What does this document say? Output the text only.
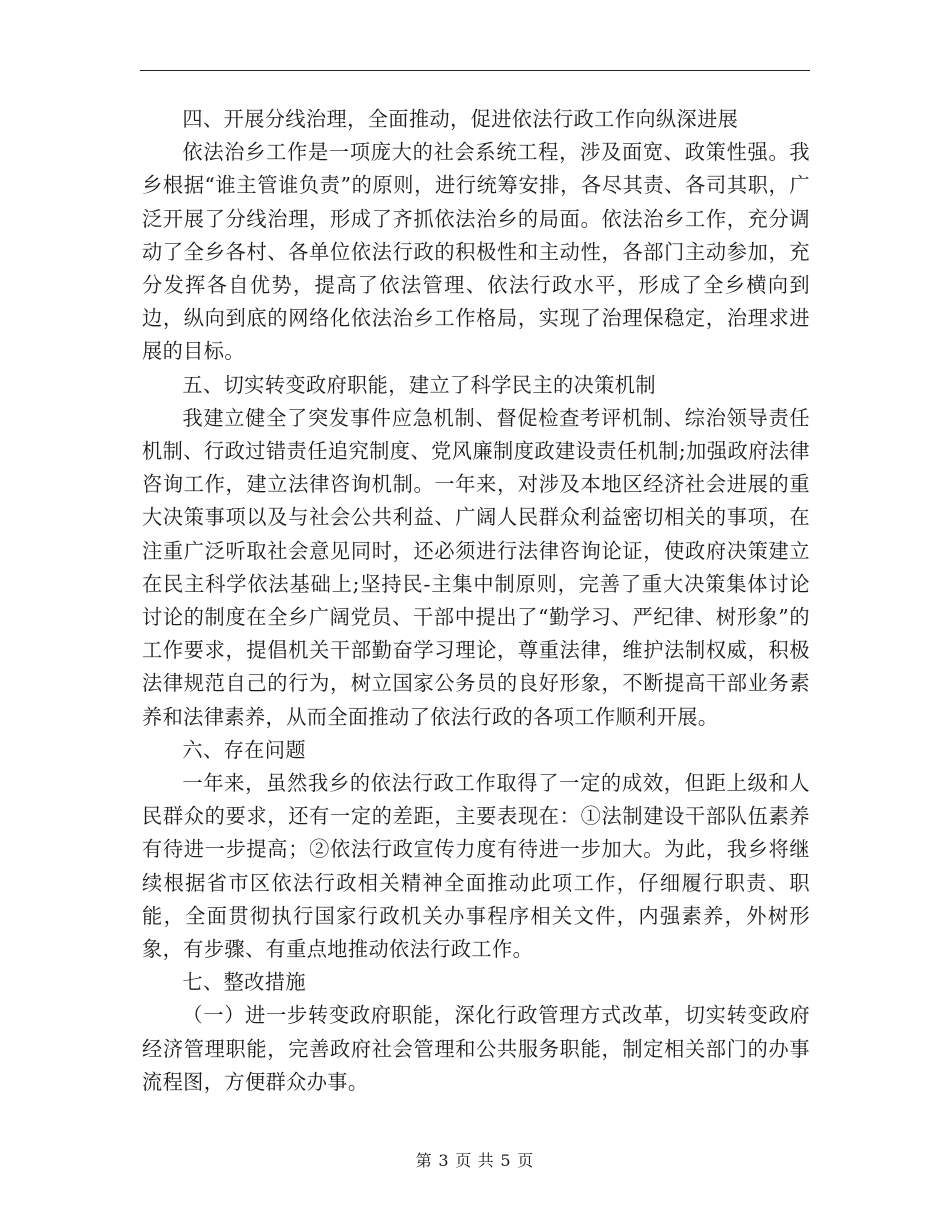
四、开展分线治理，全面推动，促进依法行政工作向纵深进展

依法治乡工作是一项庞大的社会系统工程，涉及面宽、政策性强。我乡根据“谁主管谁负责”的原则，进行统筹安排，各尽其责、各司其职，广泛开展了分线治理，形成了齐抓依法治乡的局面。依法治乡工作，充分调动了全乡各村、各单位依法行政的积极性和主动性，各部门主动参加，充分发挥各自优势，提高了依法管理、依法行政水平，形成了全乡横向到边，纵向到底的网络化依法治乡工作格局，实现了治理保稳定，治理求进展的目标。

五、切实转变政府职能，建立了科学民主的决策机制

我建立健全了突发事件应急机制、督促检查考评机制、综治领导责任机制、行政过错责任追究制度、党风廉制度政建设责任机制;加强政府法律咨询工作，建立法律咨询机制。一年来，对涉及本地区经济社会进展的重大决策事项以及与社会公共利益、广阔人民群众利益密切相关的事项，在注重广泛听取社会意见同时，还必须进行法律咨询论证，使政府决策建立在民主科学依法基础上;坚持民-主集中制原则，完善了重大决策集体讨论讨论的制度在全乡广阔党员、干部中提出了“勤学习、严纪律、树形象”的工作要求，提倡机关干部勤奋学习理论，尊重法律，维护法制权威，积极法律规范自己的行为，树立国家公务员的良好形象，不断提高干部业务素养和法律素养，从而全面推动了依法行政的各项工作顺利开展。

六、存在问题

一年来，虽然我乡的依法行政工作取得了一定的成效，但距上级和人民群众的要求，还有一定的差距，主要表现在：①法制建设干部队伍素养有待进一步提高；②依法行政宣传力度有待进一步加大。为此，我乡将继续根据省市区依法行政相关精神全面推动此项工作，仔细履行职责、职能，全面贯彻执行国家行政机关办事程序相关文件，内强素养，外树形象，有步骤、有重点地推动依法行政工作。

七、整改措施

（一）进一步转变政府职能，深化行政管理方式改革，切实转变政府经济管理职能，完善政府社会管理和公共服务职能，制定相关部门的办事流程图，方便群众办事。

第 3 页 共 5 页
